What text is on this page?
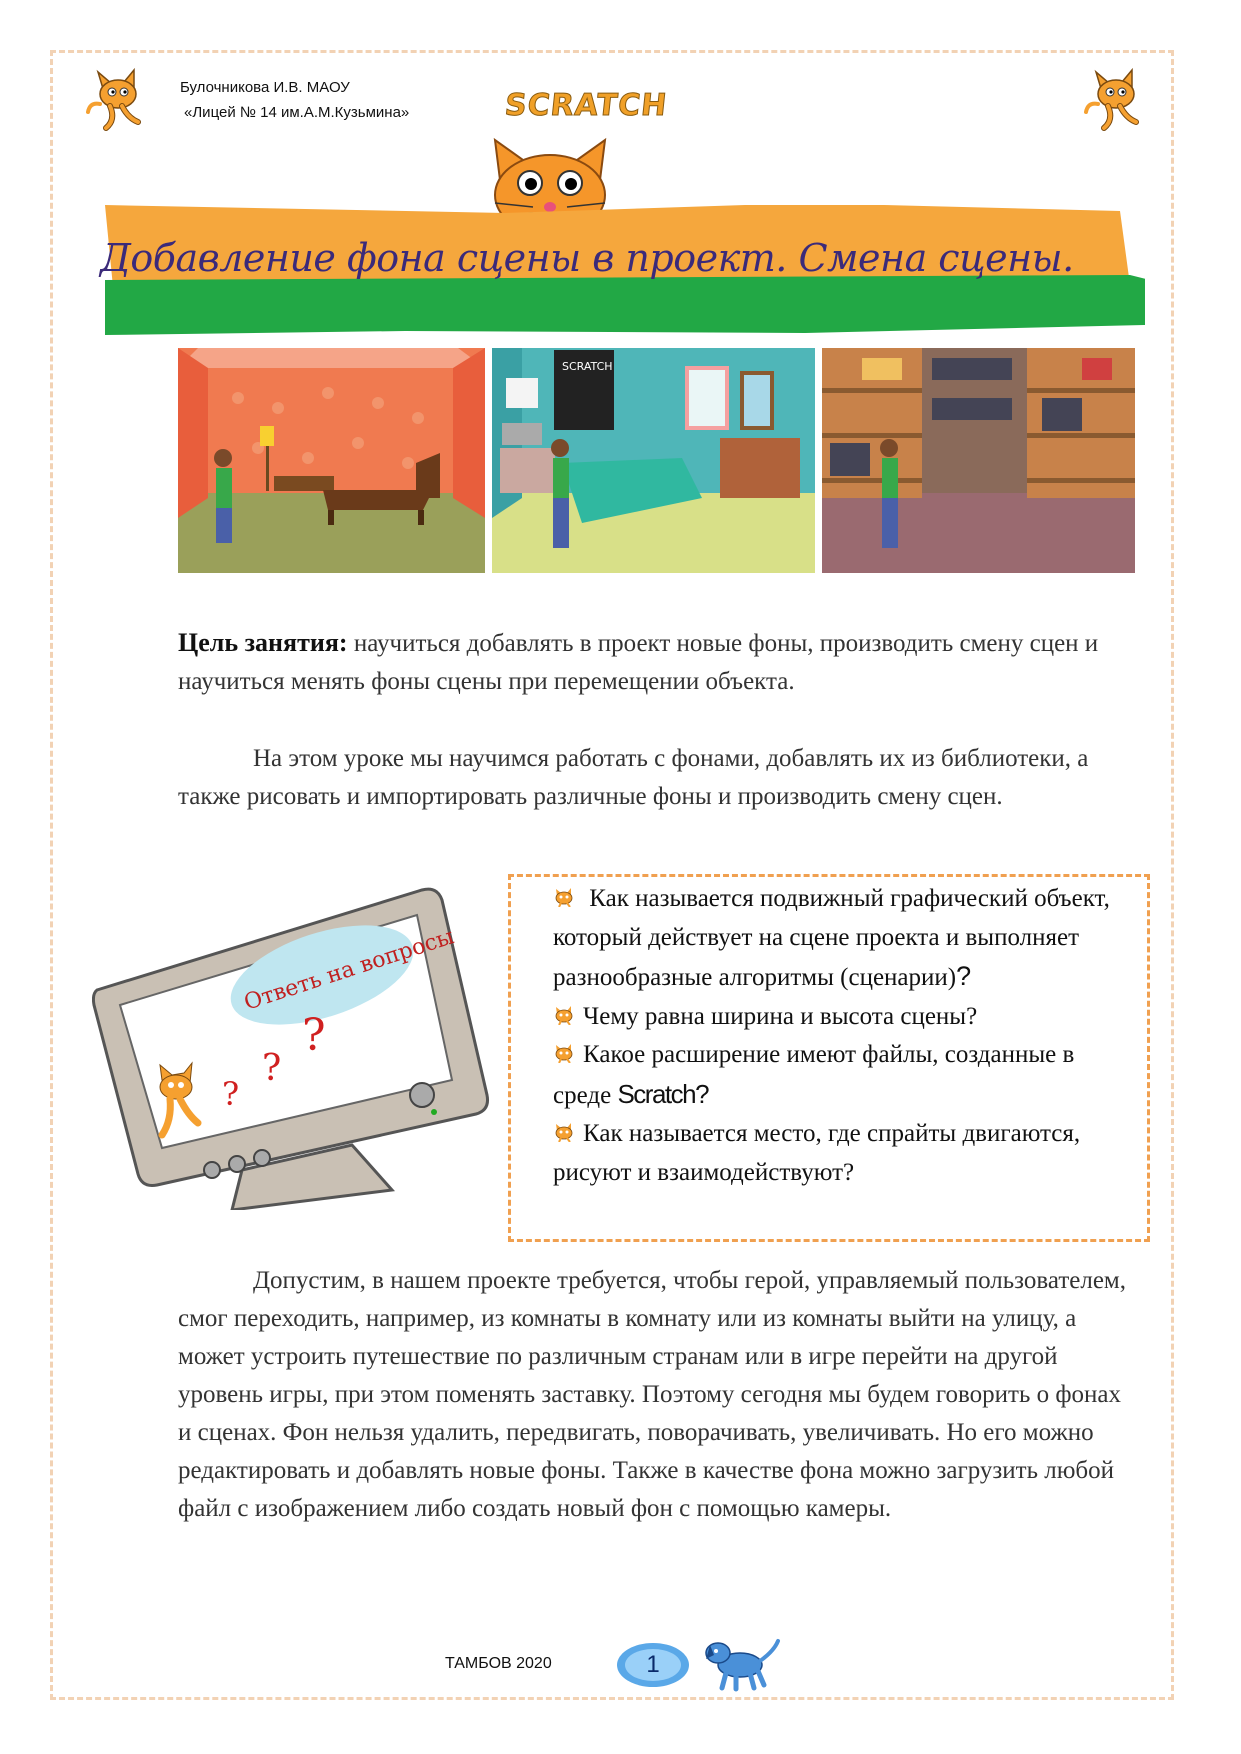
Булочникова И.В. МАОУ
«Лицей № 14 им.А.М.Кузьмина»	SCRATCH
Добавление фона сцены в проект. Смена сцены.
SCRATCH
Цель занятия: научиться добавлять в проект новые фоны, производить смену сцен и научиться менять фоны сцены при перемещении объекта.
На этом уроке мы научимся работать с фонами, добавлять их из библиотеки, а также рисовать и импортировать различные фоны и производить смену сцен.
Ответь на вопросы
?
?
?
Как называется подвижный графический объект, который действует на сцене проекта и выполняет разнообразные алгоритмы (сценарии)?
Чему равна ширина и высота сцены?
Какое расширение имеют файлы, созданные в среде Scratch?
Как называется место, где спрайты двигаются, рисуют и взаимодействуют?
Допустим, в нашем проекте требуется, чтобы герой, управляемый пользователем, смог переходить, например, из комнаты в комнату или из комнаты выйти на улицу, а может устроить путешествие по различным странам или в игре перейти на другой уровень игры, при этом поменять заставку. Поэтому сегодня мы будем говорить о фонах и сценах. Фон нельзя удалить, передвигать, поворачивать, увеличивать. Но его можно редактировать и добавлять новые фоны. Также в качестве фона можно загрузить любой файл с изображением либо создать новый фон с помощью камеры.
ТАМБОВ 2020	1
